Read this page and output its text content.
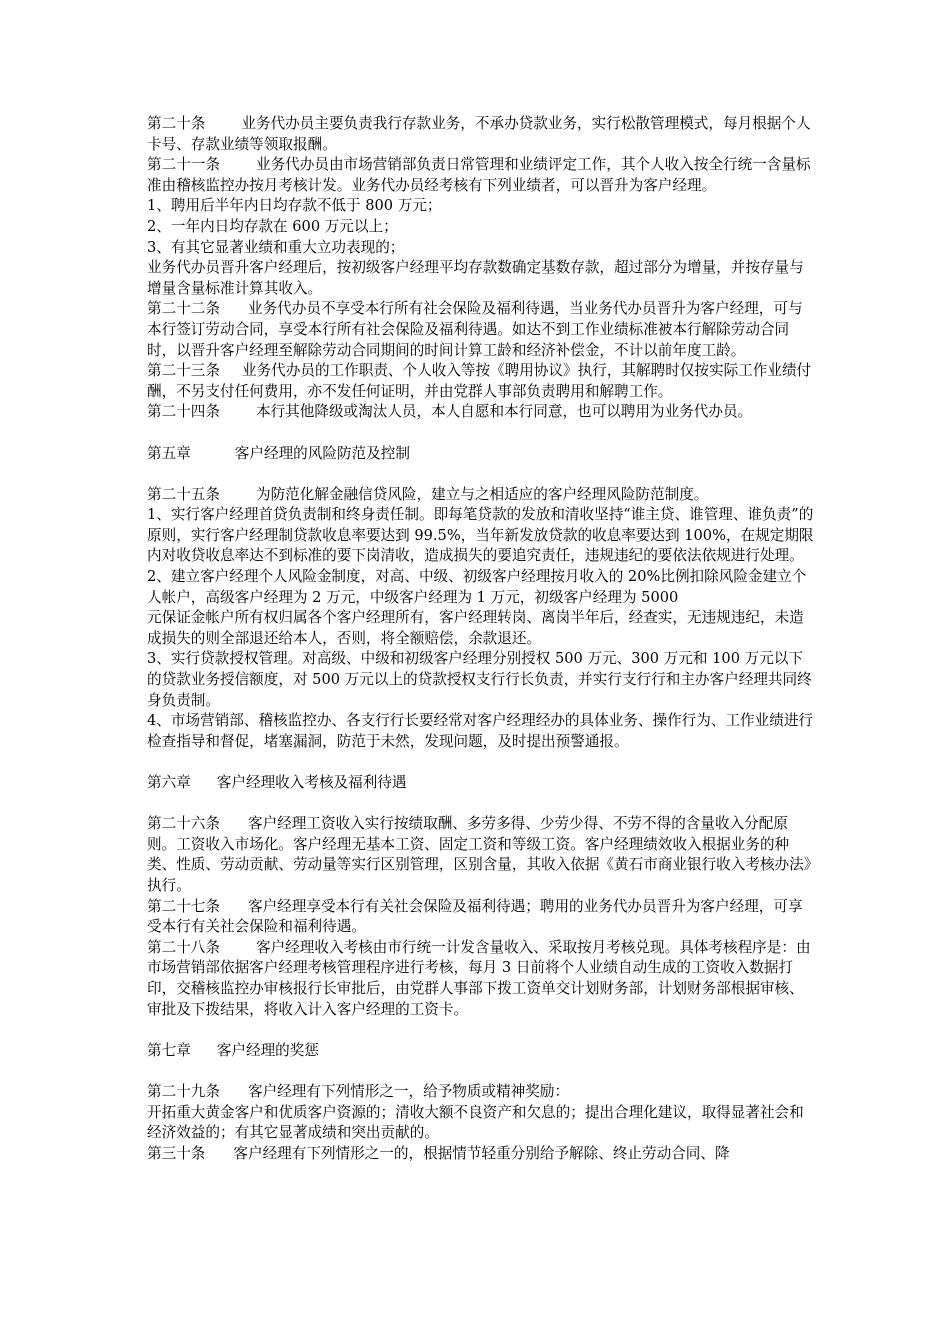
第二十条 业务代办员主要负责我行存款业务，不承办贷款业务，实行松散管理模式，每月根据个人卡号、存款业绩等领取报酬。

第二十一条 业务代办员由市场营销部负责日常管理和业绩评定工作，其个人收入按全行统一含量标准由稽核监控办按月考核计发。业务代办员经考核有下列业绩者，可以晋升为客户经理。

1、聘用后半年内日均存款不低于 800 万元；

2、一年内日均存款在 600 万元以上；

3、有其它显著业绩和重大立功表现的；

业务代办员晋升客户经理后，按初级客户经理平均存款数确定基数存款，超过部分为增量，并按存量与增量含量标准计算其收入。

第二十二条 业务代办员不享受本行所有社会保险及福利待遇，当业务代办员晋升为客户经理，可与本行签订劳动合同，享受本行所有社会保险及福利待遇。如达不到工作业绩标准被本行解除劳动合同时，以晋升客户经理至解除劳动合同期间的时间计算工龄和经济补偿金，不计以前年度工龄。

第二十三条 业务代办员的工作职责、个人收入等按《聘用协议》执行，其解聘时仅按实际工作业绩付酬，不另支付任何费用，亦不发任何证明，并由党群人事部负责聘用和解聘工作。

第二十四条 本行其他降级或淘汰人员，本人自愿和本行同意，也可以聘用为业务代办员。

第五章	客户经理的风险防范及控制

第二十五条 为防范化解金融信贷风险，建立与之相适应的客户经理风险防范制度。

1、实行客户经理首贷负责制和终身责任制。即每笔贷款的发放和清收坚持“谁主贷、谁管理、谁负责”的原则，实行客户经理制贷款收息率要达到 99.5%，当年新发放贷款的收息率要达到 100%，在规定期限内对收贷收息率达不到标准的要下岗清收，造成损失的要追究责任，违规违纪的要依法依规进行处理。

2、建立客户经理个人风险金制度，对高、中级、初级客户经理按月收入的 20%比例扣除风险金建立个人帐户，高级客户经理为 2 万元，中级客户经理为 1 万元，初级客户经理为 5000

元保证金帐户所有权归属各个客户经理所有，客户经理转岗、离岗半年后，经查实，无违规违纪，未造成损失的则全部退还给本人，否则，将全额赔偿，余款退还。

3、实行贷款授权管理。对高级、中级和初级客户经理分别授权 500 万元、300 万元和 100 万元以下的贷款业务授信额度，对 500 万元以上的贷款授权支行行长负责，并实行支行行和主办客户经理共同终身负责制。

4、市场营销部、稽核监控办、各支行行长要经常对客户经理经办的具体业务、操作行为、工作业绩进行检查指导和督促，堵塞漏洞，防范于未然，发现问题，及时提出预警通报。

第六章 客户经理收入考核及福利待遇

第二十六条 客户经理工资收入实行按绩取酬、多劳多得、少劳少得、不劳不得的含量收入分配原则。工资收入市场化。客户经理无基本工资、固定工资和等级工资。客户经理绩效收入根据业务的种类、性质、劳动贡献、劳动量等实行区别管理，区别含量，其收入依据《黄石市商业银行收入考核办法》执行。

第二十七条 客户经理享受本行有关社会保险及福利待遇；聘用的业务代办员晋升为客户经理，可享受本行有关社会保险和福利待遇。

第二十八条 客户经理收入考核由市行统一计发含量收入、采取按月考核兑现。具体考核程序是：由市场营销部依据客户经理考核管理程序进行考核，每月 3 日前将个人业绩自动生成的工资收入数据打印，交稽核监控办审核报行长审批后，由党群人事部下拨工资单交计划财务部，计划财务部根据审核、审批及下拨结果，将收入计入客户经理的工资卡。

第七章 客户经理的奖惩

第二十九条 客户经理有下列情形之一，给予物质或精神奖励：

开拓重大黄金客户和优质客户资源的；清收大额不良资产和欠息的；提出合理化建议，取得显著社会和经济效益的；有其它显著成绩和突出贡献的。

第三十条 客户经理有下列情形之一的，根据情节轻重分别给予解除、终止劳动合同、降
